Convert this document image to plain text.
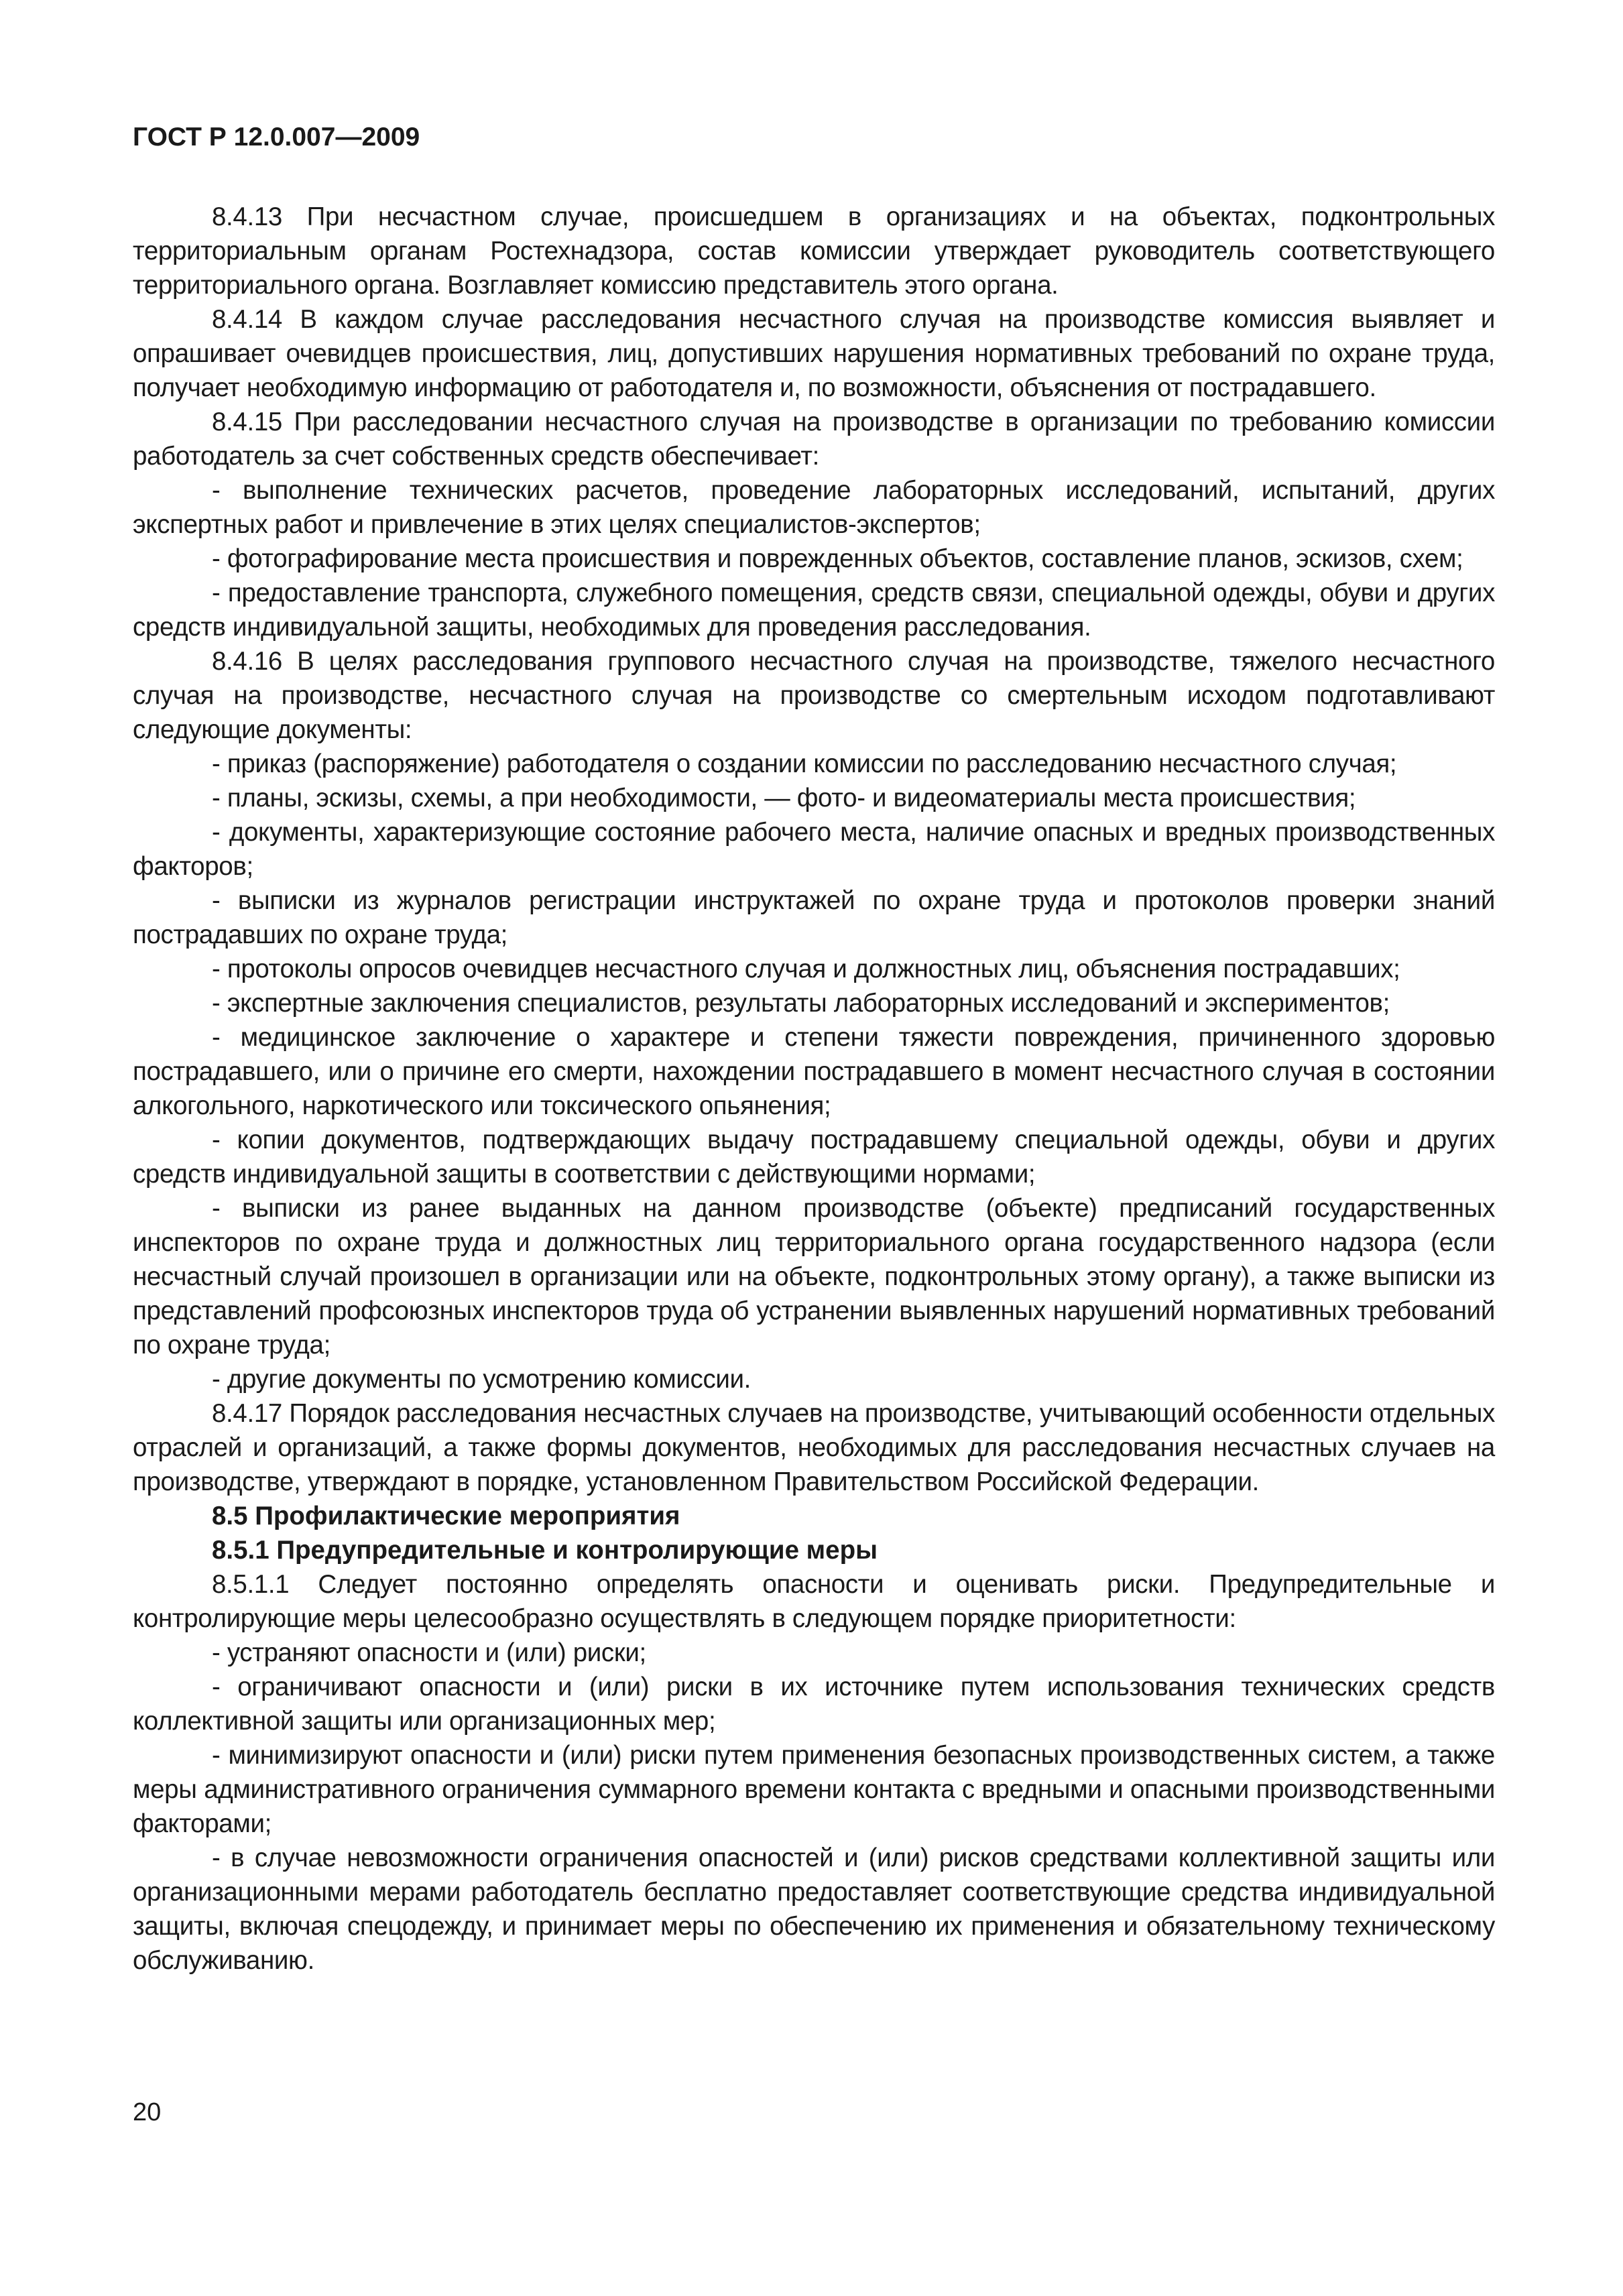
ГОСТ Р 12.0.007—2009

8.4.13 При несчастном случае, происшедшем в организациях и на объектах, подконтрольных территориальным органам Ростехнадзора, состав комиссии утверждает руководитель соответствующего территориального органа. Возглавляет комиссию представитель этого органа.

8.4.14 В каждом случае расследования несчастного случая на производстве комиссия выявляет и опрашивает очевидцев происшествия, лиц, допустивших нарушения нормативных требований по охране труда, получает необходимую информацию от работодателя и, по возможности, объяснения от пострадавшего.

8.4.15 При расследовании несчастного случая на производстве в организации по требованию комиссии работодатель за счет собственных средств обеспечивает:

- выполнение технических расчетов, проведение лабораторных исследований, испытаний, других экспертных работ и привлечение в этих целях специалистов-экспертов;

- фотографирование места происшествия и поврежденных объектов, составление планов, эскизов, схем;

- предоставление транспорта, служебного помещения, средств связи, специальной одежды, обуви и других средств индивидуальной защиты, необходимых для проведения расследования.

8.4.16 В целях расследования группового несчастного случая на производстве, тяжелого несчастного случая на производстве, несчастного случая на производстве со смертельным исходом подготавливают следующие документы:

- приказ (распоряжение) работодателя о создании комиссии по расследованию несчастного случая;

- планы, эскизы, схемы, а при необходимости, — фото- и видеоматериалы места происшествия;

- документы, характеризующие состояние рабочего места, наличие опасных и вредных производственных факторов;

- выписки из журналов регистрации инструктажей по охране труда и протоколов проверки знаний пострадавших по охране труда;

- протоколы опросов очевидцев несчастного случая и должностных лиц, объяснения пострадавших;

- экспертные заключения специалистов, результаты лабораторных исследований и экспериментов;

- медицинское заключение о характере и степени тяжести повреждения, причиненного здоровью пострадавшего, или о причине его смерти, нахождении пострадавшего в момент несчастного случая в состоянии алкогольного, наркотического или токсического опьянения;

- копии документов, подтверждающих выдачу пострадавшему специальной одежды, обуви и других средств индивидуальной защиты в соответствии с действующими нормами;

- выписки из ранее выданных на данном производстве (объекте) предписаний государственных инспекторов по охране труда и должностных лиц территориального органа государственного надзора (если несчастный случай произошел в организации или на объекте, подконтрольных этому органу), а также выписки из представлений профсоюзных инспекторов труда об устранении выявленных нарушений нормативных требований по охране труда;

- другие документы по усмотрению комиссии.

8.4.17 Порядок расследования несчастных случаев на производстве, учитывающий особенности отдельных отраслей и организаций, а также формы документов, необходимых для расследования несчастных случаев на производстве, утверждают в порядке, установленном Правительством Российской Федерации.

8.5 Профилактические мероприятия

8.5.1 Предупредительные и контролирующие меры

8.5.1.1 Следует постоянно определять опасности и оценивать риски. Предупредительные и контролирующие меры целесообразно осуществлять в следующем порядке приоритетности:

- устраняют опасности и (или) риски;

- ограничивают опасности и (или) риски в их источнике путем использования технических средств коллективной защиты или организационных мер;

- минимизируют опасности и (или) риски путем применения безопасных производственных систем, а также меры административного ограничения суммарного времени контакта с вредными и опасными производственными факторами;

- в случае невозможности ограничения опасностей и (или) рисков средствами коллективной защиты или организационными мерами работодатель бесплатно предоставляет соответствующие средства индивидуальной защиты, включая спецодежду, и принимает меры по обеспечению их применения и обязательному техническому обслуживанию.

20
